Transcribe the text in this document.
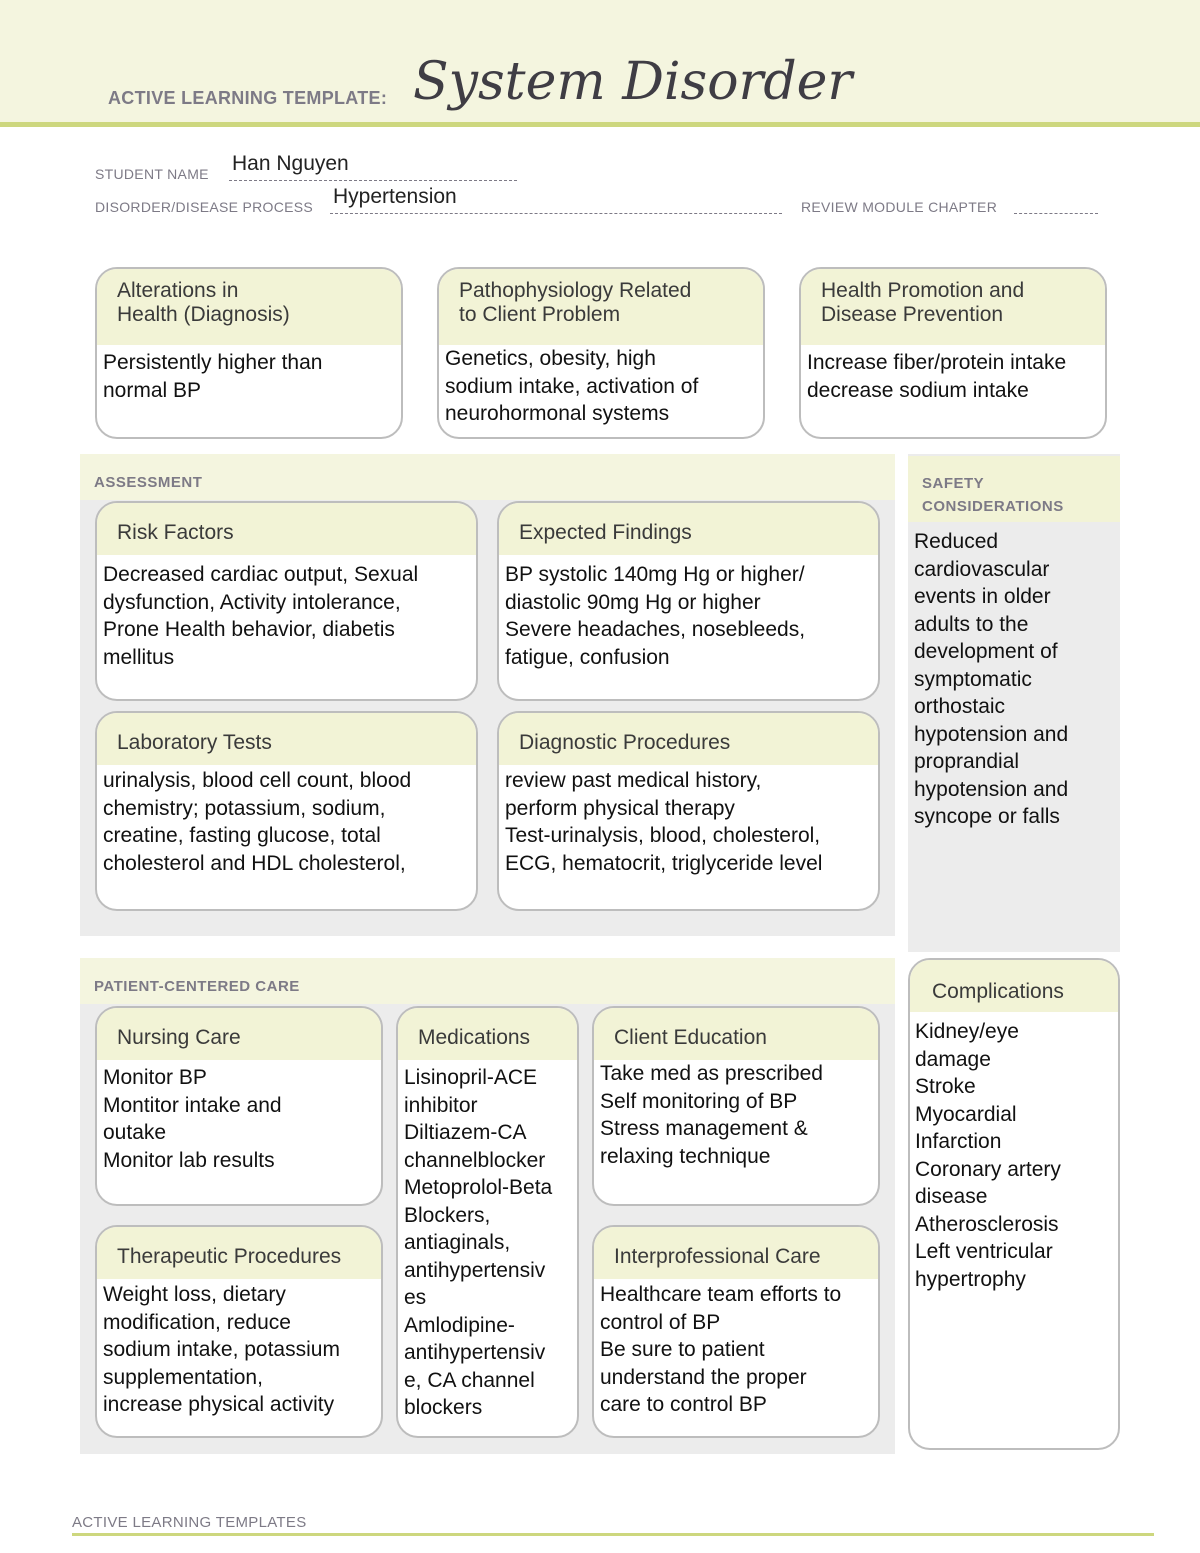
ACTIVE LEARNING TEMPLATE: System Disorder
STUDENT NAME Han Nguyen
DISORDER/DISEASE PROCESS Hypertension	REVIEW MODULE CHAPTER
Alterations in
Health (Diagnosis)
Persistently higher than
normal BP
Pathophysiology Related
to Client Problem
Genetics, obesity, high
sodium intake, activation of
neurohormonal systems
Health Promotion and
Disease Prevention
Increase fiber/protein intake
decrease sodium intake
ASSESSMENT
Risk Factors
Decreased cardiac output, Sexual
dysfunction, Activity intolerance,
Prone Health behavior, diabetis
mellitus
Expected Findings
BP systolic 140mg Hg or higher/
diastolic 90mg Hg or higher
Severe headaches, nosebleeds,
fatigue, confusion
Laboratory Tests
urinalysis, blood cell count, blood
chemistry; potassium, sodium,
creatine, fasting glucose, total
cholesterol and HDL cholesterol,
Diagnostic Procedures
review past medical history,
perform physical therapy
Test-urinalysis, blood, cholesterol,
ECG, hematocrit, triglyceride level
SAFETY
CONSIDERATIONS
Reduced
cardiovascular
events in older
adults to the
development of
symptomatic
orthostaic
hypotension and
proprandial
hypotension and
syncope or falls
PATIENT-CENTERED CARE
Nursing Care
Monitor BP
Montitor intake and
outake
Monitor lab results
Medications
Lisinopril-ACE
inhibitor
Diltiazem-CA
channelblocker
Metoprolol-Beta
Blockers,
antiaginals,
antihypertensiv
es
Amlodipine-
antihypertensiv
e, CA channel
blockers
Client Education
Take med as prescribed
Self monitoring of BP
Stress management &
relaxing technique
Therapeutic Procedures
Weight loss, dietary
modification, reduce
sodium intake, potassium
supplementation,
increase physical activity
Interprofessional Care
Healthcare team efforts to
control of BP
Be sure to patient
understand the proper
care to control BP
Complications
Kidney/eye
damage
Stroke
Myocardial
Infarction
Coronary artery
disease
Atherosclerosis
Left ventricular
hypertrophy
ACTIVE LEARNING TEMPLATES
